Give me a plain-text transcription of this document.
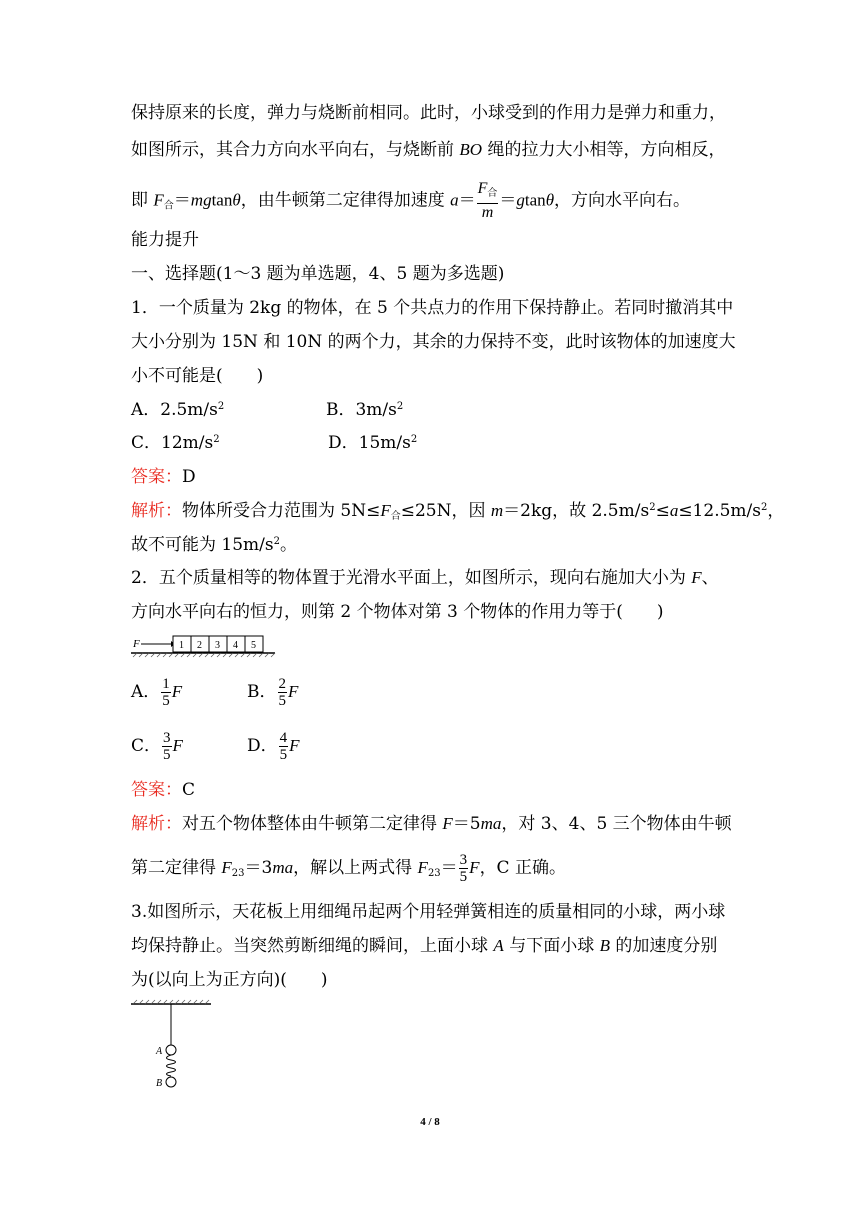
保持原来的长度，弹力与烧断前相同。此时，小球受到的作用力是弹力和重力，
如图所示，其合力方向水平向右，与烧断前 BO 绳的拉力大小相等，方向相反，
即 $F_合=mgtan\theta$，由牛顿第二定律得加速度 $a= \frac{F_合}{m} =gtan\theta$，方向水平向右。
能力提升
一、选择题(1～3 题为单选题，4、5 题为多选题)
1．一个质量为 2kg 的物体，在 5 个共点力的作用下保持静止。若同时撤消其中
大小分别为 15N 和 10N 的两个力，其余的力保持不变，此时该物体的加速度大
小不可能是(　　)
A．$2.5m/s^2$	B．$3m/s^2$
C．$12m/s^2$	D．$15m/s^2$
答案：D
解析：物体所受合力范围为 $5N\le F_合\le 25N$，因 m＝2kg，故 $2.5m/s^2\le a\le 12.5m/s^2$，
故不可能为 $15m/s^2$。
2．五个质量相等的物体置于光滑水平面上，如图所示，现向右施加大小为 F、
方向水平向右的恒力，则第 2 个物体对第 3 个物体的作用力等于(　　)
F	1 2 3 4 5
A． $\frac{1}{5}$ F	B． $\frac{2}{5}$ F
C． $\frac{3}{5}$ F	D． $\frac{4}{5}$ F
答案：C
解析：对五个物体整体由牛顿第二定律得 F＝5ma，对 3、4、5 三个物体由牛顿
第二定律得 $F_{23}=3ma$，解以上两式得 $F_{23}= \frac{3}{5}$ F，C 正确。
3.如图所示，天花板上用细绳吊起两个用轻弹簧相连的质量相同的小球，两小球
均保持静止。当突然剪断细绳的瞬间，上面小球 A 与下面小球 B 的加速度分别
为(以向上为正方向)(　　)
A
B
4 / 8
